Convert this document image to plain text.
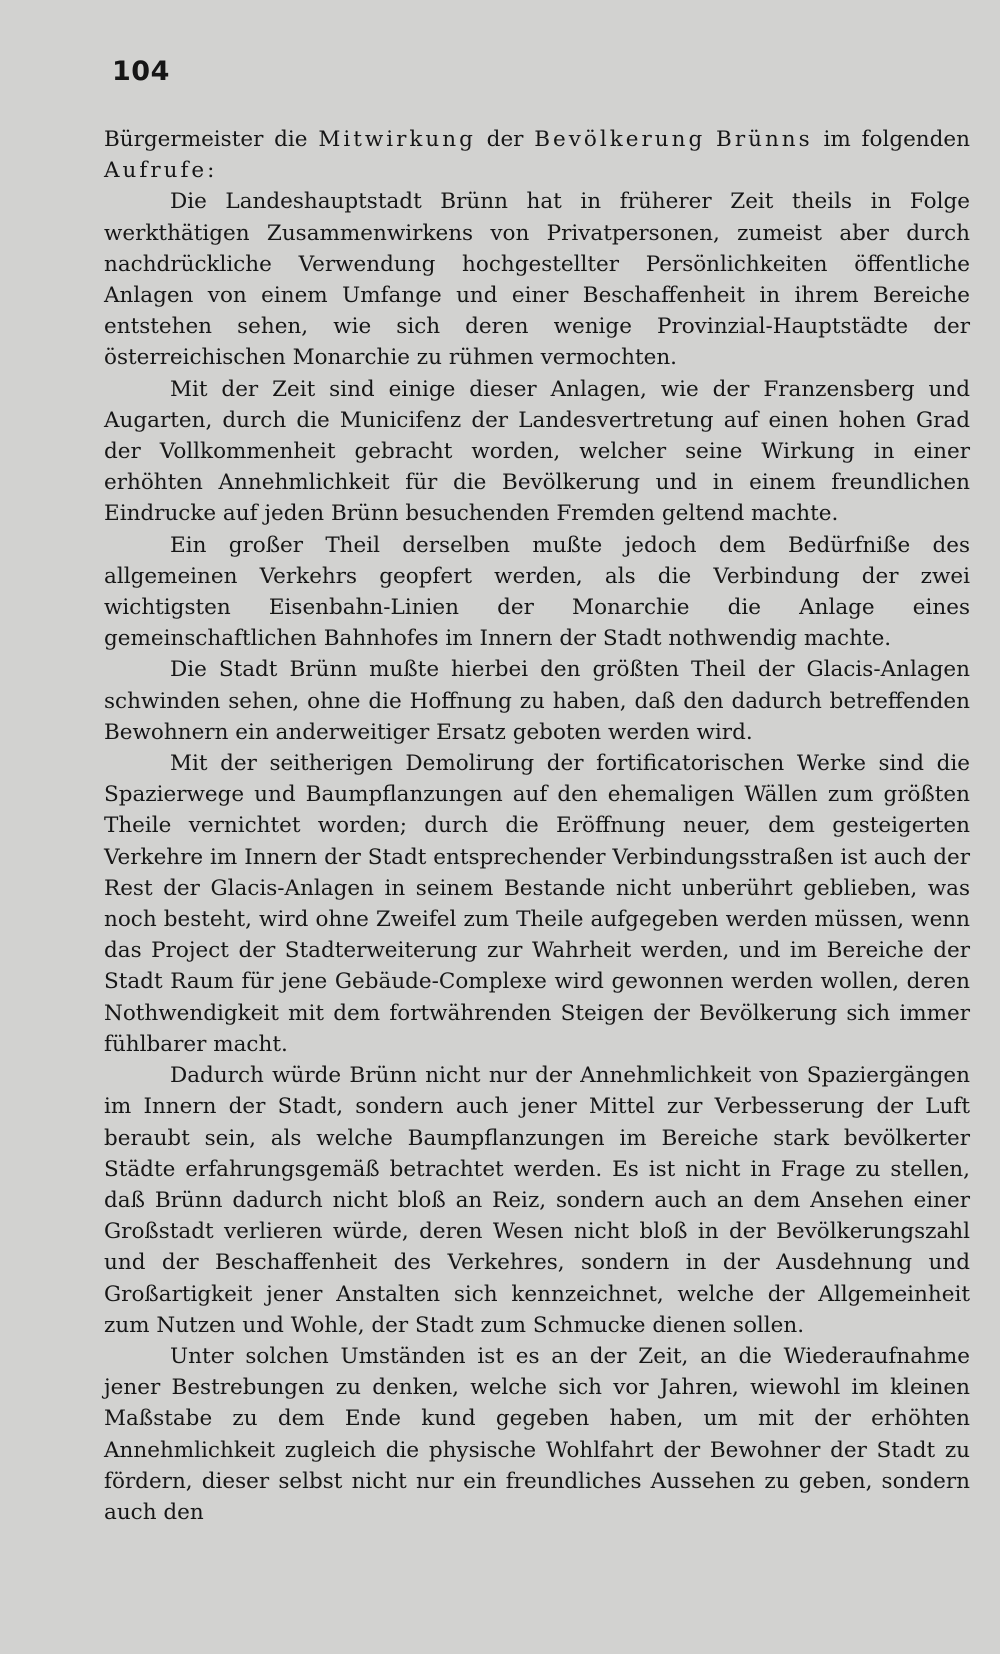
104

Bürgermeister die Mitwirkung der Bevölkerung Brünns im folgenden Aufrufe:

Die Landeshauptstadt Brünn hat in früherer Zeit theils in Folge werkthätigen Zusammenwirkens von Privatpersonen, zumeist aber durch nachdrückliche Verwendung hochgestellter Persönlichkeiten öffentliche Anlagen von einem Umfange und einer Beschaffenheit in ihrem Bereiche entstehen sehen, wie sich deren wenige Provinzial-Hauptstädte der österreichischen Monarchie zu rühmen vermochten.

Mit der Zeit sind einige dieser Anlagen, wie der Franzensberg und Augarten, durch die Municifenz der Landesvertretung auf einen hohen Grad der Vollkommenheit gebracht worden, welcher seine Wirkung in einer erhöhten Annehmlichkeit für die Bevölkerung und in einem freundlichen Eindrucke auf jeden Brünn besuchenden Fremden geltend machte.

Ein großer Theil derselben mußte jedoch dem Bedürfniße des allgemeinen Verkehrs geopfert werden, als die Verbindung der zwei wichtigsten Eisenbahn-Linien der Monarchie die Anlage eines gemeinschaftlichen Bahnhofes im Innern der Stadt nothwendig machte.

Die Stadt Brünn mußte hierbei den größten Theil der Glacis-Anlagen schwinden sehen, ohne die Hoffnung zu haben, daß den dadurch betreffenden Bewohnern ein anderweitiger Ersatz geboten werden wird.

Mit der seitherigen Demolirung der fortificatorischen Werke sind die Spazierwege und Baumpflanzungen auf den ehemaligen Wällen zum größten Theile vernichtet worden; durch die Eröffnung neuer, dem gesteigerten Verkehre im Innern der Stadt entsprechender Verbindungsstraßen ist auch der Rest der Glacis-Anlagen in seinem Bestande nicht unberührt geblieben, was noch besteht, wird ohne Zweifel zum Theile aufgegeben werden müssen, wenn das Project der Stadterweiterung zur Wahrheit werden, und im Bereiche der Stadt Raum für jene Gebäude-Complexe wird gewonnen werden wollen, deren Nothwendigkeit mit dem fortwährenden Steigen der Bevölkerung sich immer fühlbarer macht.

Dadurch würde Brünn nicht nur der Annehmlichkeit von Spaziergängen im Innern der Stadt, sondern auch jener Mittel zur Verbesserung der Luft beraubt sein, als welche Baumpflanzungen im Bereiche stark bevölkerter Städte erfahrungsgemäß betrachtet werden. Es ist nicht in Frage zu stellen, daß Brünn dadurch nicht bloß an Reiz, sondern auch an dem Ansehen einer Großstadt verlieren würde, deren Wesen nicht bloß in der Bevölkerungszahl und der Beschaffenheit des Verkehres, sondern in der Ausdehnung und Großartigkeit jener Anstalten sich kennzeichnet, welche der Allgemeinheit zum Nutzen und Wohle, der Stadt zum Schmucke dienen sollen.

Unter solchen Umständen ist es an der Zeit, an die Wiederaufnahme jener Bestrebungen zu denken, welche sich vor Jahren, wiewohl im kleinen Maßstabe zu dem Ende kund gegeben haben, um mit der erhöhten Annehmlichkeit zugleich die physische Wohlfahrt der Bewohner der Stadt zu fördern, dieser selbst nicht nur ein freundliches Aussehen zu geben, sondern auch den
